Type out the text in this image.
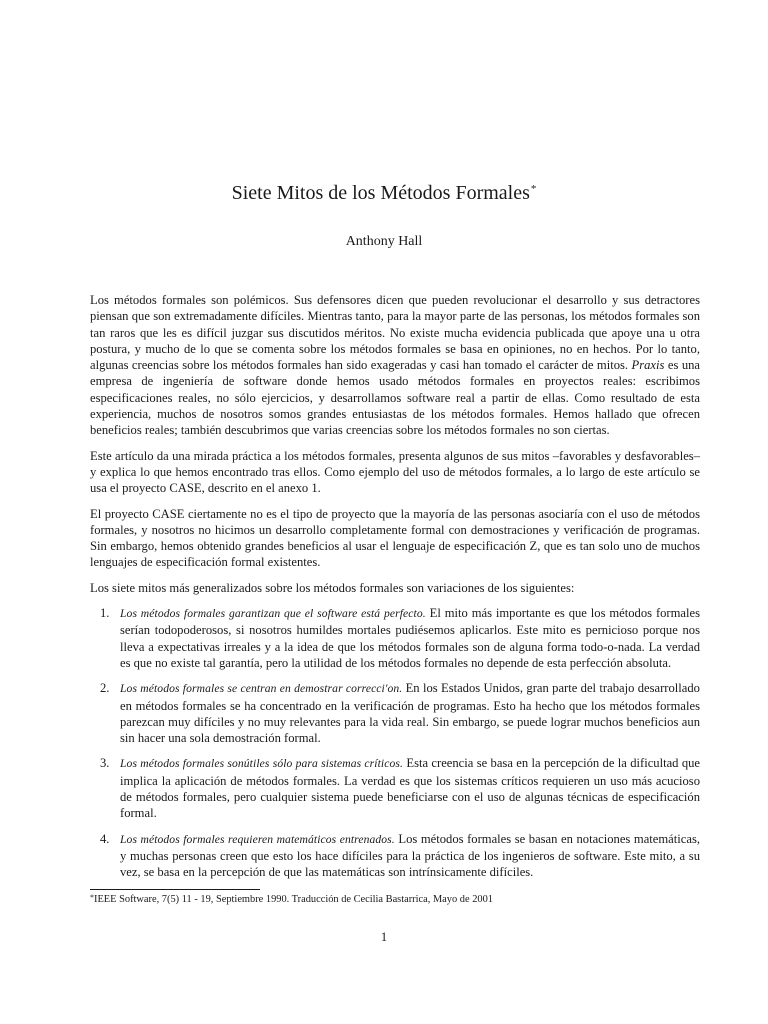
Siete Mitos de los Métodos Formales*
Anthony Hall

Los métodos formales son polémicos. Sus defensores dicen que pueden revolucionar el desarrollo y sus detractores piensan que son extremadamente difíciles. Mientras tanto, para la mayor parte de las personas, los métodos formales son tan raros que les es difícil juzgar sus discutidos méritos. No existe mucha evidencia publicada que apoye una u otra postura, y mucho de lo que se comenta sobre los métodos formales se basa en opiniones, no en hechos. Por lo tanto, algunas creencias sobre los métodos formales han sido exageradas y casi han tomado el carácter de mitos. Praxis es una empresa de ingeniería de software donde hemos usado métodos formales en proyectos reales: escribimos especificaciones reales, no sólo ejercicios, y desarrollamos software real a partir de ellas. Como resultado de esta experiencia, muchos de nosotros somos grandes entusiastas de los métodos formales. Hemos hallado que ofrecen beneficios reales; también descubrimos que varias creencias sobre los métodos formales no son ciertas.

Este artículo da una mirada práctica a los métodos formales, presenta algunos de sus mitos –favorables y desfavorables– y explica lo que hemos encontrado tras ellos. Como ejemplo del uso de métodos formales, a lo largo de este artículo se usa el proyecto CASE, descrito en el anexo 1.

El proyecto CASE ciertamente no es el tipo de proyecto que la mayoría de las personas asociaría con el uso de métodos formales, y nosotros no hicimos un desarrollo completamente formal con demostraciones y verificación de programas. Sin embargo, hemos obtenido grandes beneficios al usar el lenguaje de especificación Z, que es tan solo uno de muchos lenguajes de especificación formal existentes.

Los siete mitos más generalizados sobre los métodos formales son variaciones de los siguientes:

1. Los métodos formales garantizan que el software está perfecto. El mito más importante es que los métodos formales serían todopoderosos, si nosotros humildes mortales pudiésemos aplicarlos. Este mito es pernicioso porque nos lleva a expectativas irreales y a la idea de que los métodos formales son de alguna forma todo-o-nada. La verdad es que no existe tal garantía, pero la utilidad de los métodos formales no depende de esta perfección absoluta.
2. Los métodos formales se centran en demostrar correcci'on. En los Estados Unidos, gran parte del trabajo desarrollado en métodos formales se ha concentrado en la verificación de programas. Esto ha hecho que los métodos formales parezcan muy difíciles y no muy relevantes para la vida real. Sin embargo, se puede lograr muchos beneficios aun sin hacer una sola demostración formal.
3. Los métodos formales sonútiles sólo para sistemas críticos. Esta creencia se basa en la percepción de la dificultad que implica la aplicación de métodos formales. La verdad es que los sistemas críticos requieren un uso más acucioso de métodos formales, pero cualquier sistema puede beneficiarse con el uso de algunas técnicas de especificación formal.
4. Los métodos formales requieren matemáticos entrenados. Los métodos formales se basan en notaciones matemáticas, y muchas personas creen que esto los hace difíciles para la práctica de los ingenieros de software. Este mito, a su vez, se basa en la percepción de que las matemáticas son intrínsicamente difíciles.
*IEEE Software, 7(5) 11 - 19, Septiembre 1990. Traducción de Cecilia Bastarrica, Mayo de 2001
1
